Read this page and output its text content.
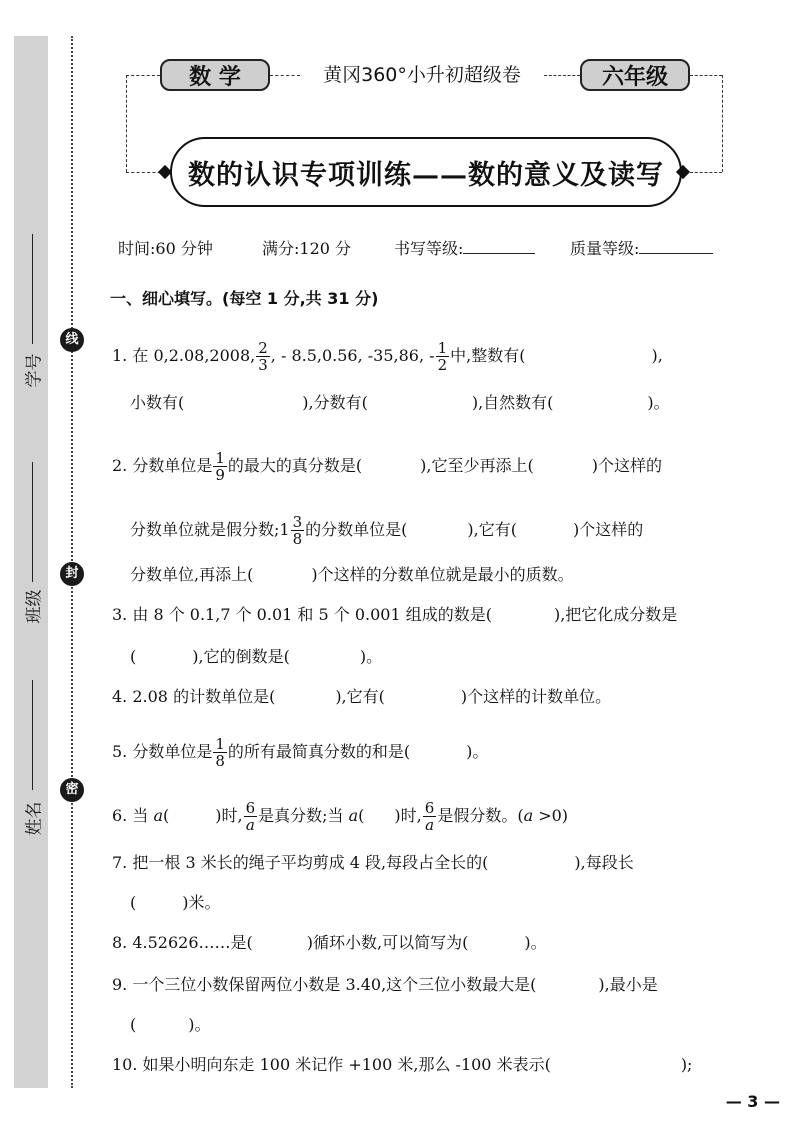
线
封
密
学号
班级
姓名
数 学	黄冈360°小升初超级卷	六年级
数的认识专项训练——数的意义及读写
时间:60 分钟	满分:120 分	书写等级:	质量等级:
一、细心填写。(每空 1 分,共 31 分)
1. 在 0,2.08,2008, $\frac{2}{3}$ , - 8.5,0.56, -35,86, - $\frac{1}{2}$ 中,整数有(	),
小数有(	),分数有(	),自然数有(	)。
2. 分数单位是 $\frac{1}{9}$ 的最大的真分数是(	),它至少再添上(	)个这样的
分数单位就是假分数;1 $\frac{3}{8}$ 的分数单位是(	),它有(	)个这样的
分数单位,再添上(	)个这样的分数单位就是最小的质数。
3. 由 8 个 0.1,7 个 0.01 和 5 个 0.001 组成的数是(	),把它化成分数是
(	),它的倒数是(	)。
4. 2.08 的计数单位是(	),它有(	)个这样的计数单位。
5. 分数单位是 $\frac{1}{8}$ 的所有最简真分数的和是(	)。
6. 当 a(	)时, $\frac{6}{a}$ 是真分数;当 a( )时, $\frac{6}{a}$ 是假分数。(a >0)
7. 把一根 3 米长的绳子平均剪成 4 段,每段占全长的(	),每段长
(	)米。
8. 4.52626……是(	)循环小数,可以简写为(	)。
9. 一个三位小数保留两位小数是 3.40,这个三位小数最大是(	),最小是
(	)。
10. 如果小明向东走 100 米记作 +100 米,那么 -100 米表示(	);
— 3 —
